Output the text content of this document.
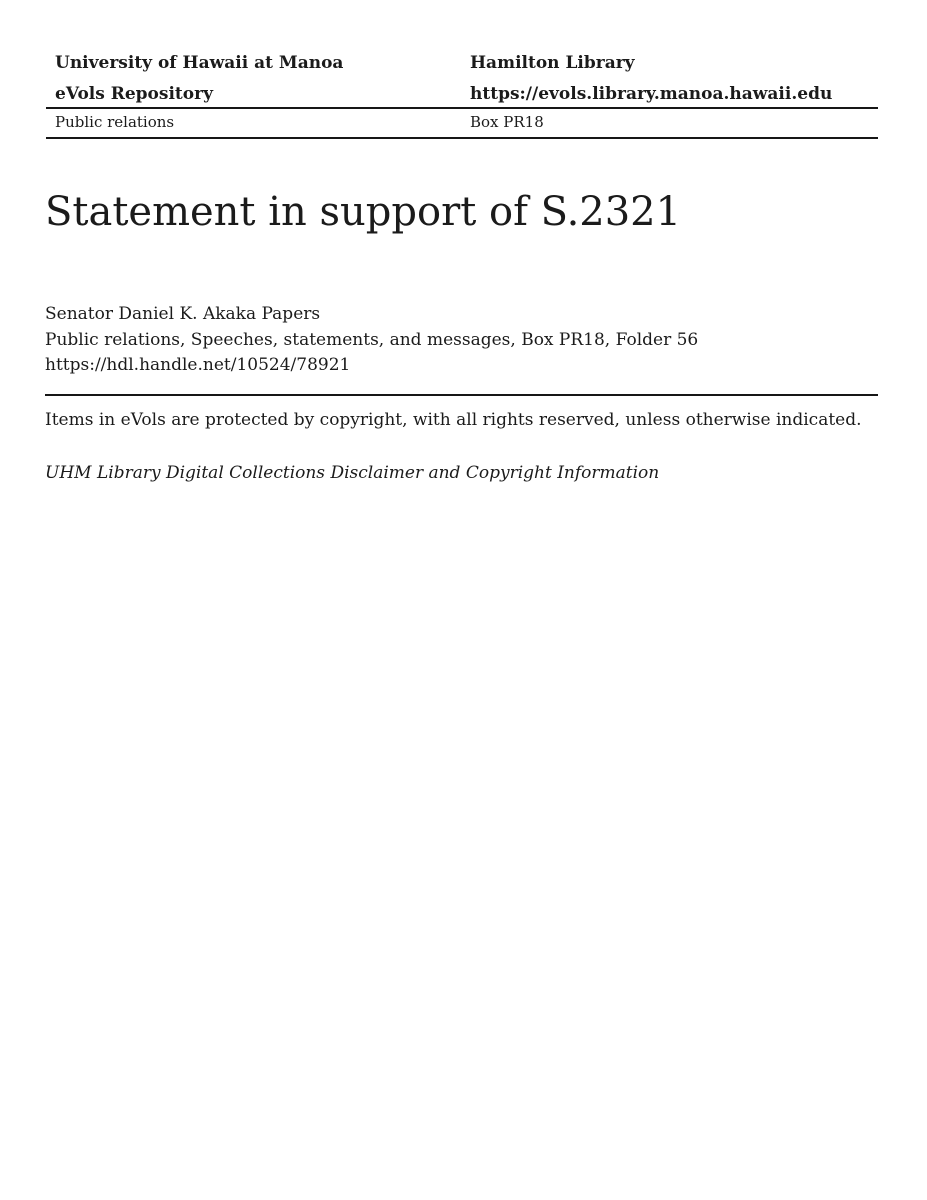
University of Hawaii at Manoa	Hamilton Library
eVols Repository	https://evols.library.manoa.hawaii.edu
Public relations	Box PR18
Statement in support of S.2321
Senator Daniel K. Akaka Papers
Public relations, Speeches, statements, and messages, Box PR18, Folder 56
https://hdl.handle.net/10524/78921
Items in eVols are protected by copyright, with all rights reserved, unless otherwise indicated.
UHM Library Digital Collections Disclaimer and Copyright Information
